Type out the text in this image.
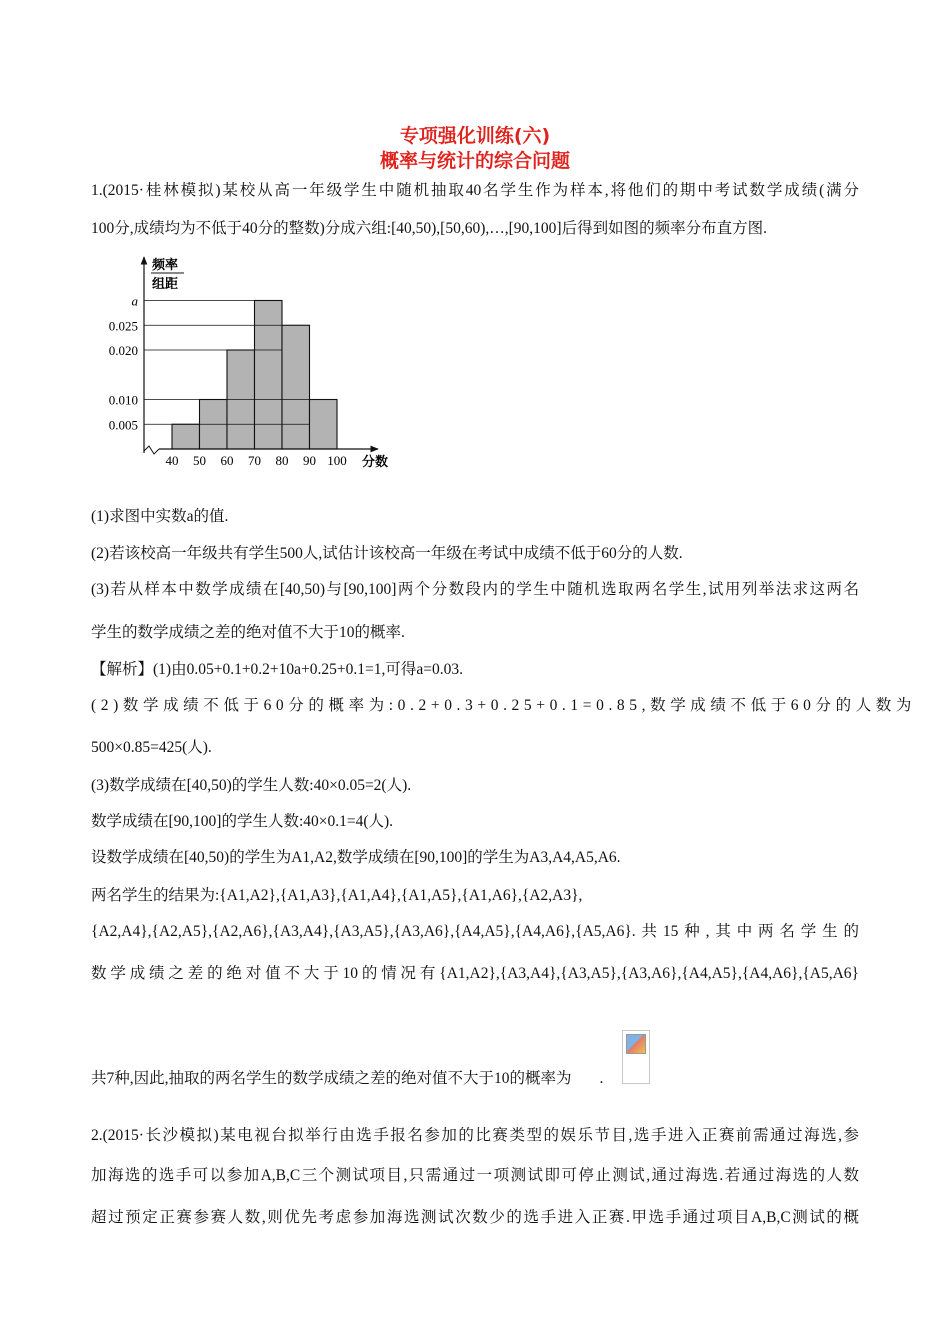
专项强化训练(六)
概率与统计的综合问题
1.(2015·桂林模拟)某校从高一年级学生中随机抽取40名学生作为样本,将他们的期中考试数学成绩(满分
100分,成绩均为不低于40分的整数)分成六组:[40,50),[50,60),…,[90,100]后得到如图的频率分布直方图.
频率
组距
0.005
0.010
0.020
0.025
a
40 50 60 70 80 90 100 分数
(1)求图中实数a的值.
(2)若该校高一年级共有学生500人,试估计该校高一年级在考试中成绩不低于60分的人数.
(3)若从样本中数学成绩在[40,50)与[90,100]两个分数段内的学生中随机选取两名学生,试用列举法求这两名
学生的数学成绩之差的绝对值不大于10的概率.
【解析】(1)由0.05+0.1+0.2+10a+0.25+0.1=1,可得a=0.03.
(2)数学成绩不低于60分的概率为:0.2+0.3+0.25+0.1=0.85,数学成绩不低于60分的人数为
500×0.85=425(人).
(3)数学成绩在[40,50)的学生人数:40×0.05=2(人).
数学成绩在[90,100]的学生人数:40×0.1=4(人).
设数学成绩在[40,50)的学生为A1,A2,数学成绩在[90,100]的学生为A3,A4,A5,A6.
两名学生的结果为:{A1,A2},{A1,A3},{A1,A4},{A1,A5},{A1,A6},{A2,A3},
{A2,A4},{A2,A5},{A2,A6},{A3,A4},{A3,A5},{A3,A6},{A4,A5},{A4,A6},{A5,A6}.共15种,其中两名学生的
数学成绩之差的绝对值不大于10的情况有{A1,A2},{A3,A4},{A3,A5},{A3,A6},{A4,A5},{A4,A6},{A5,A6}
共7种,因此,抽取的两名学生的数学成绩之差的绝对值不大于10的概率为 .
2.(2015·长沙模拟)某电视台拟举行由选手报名参加的比赛类型的娱乐节目,选手进入正赛前需通过海选,参
加海选的选手可以参加A,B,C三个测试项目,只需通过一项测试即可停止测试,通过海选.若通过海选的人数
超过预定正赛参赛人数,则优先考虑参加海选测试次数少的选手进入正赛.甲选手通过项目A,B,C测试的概
